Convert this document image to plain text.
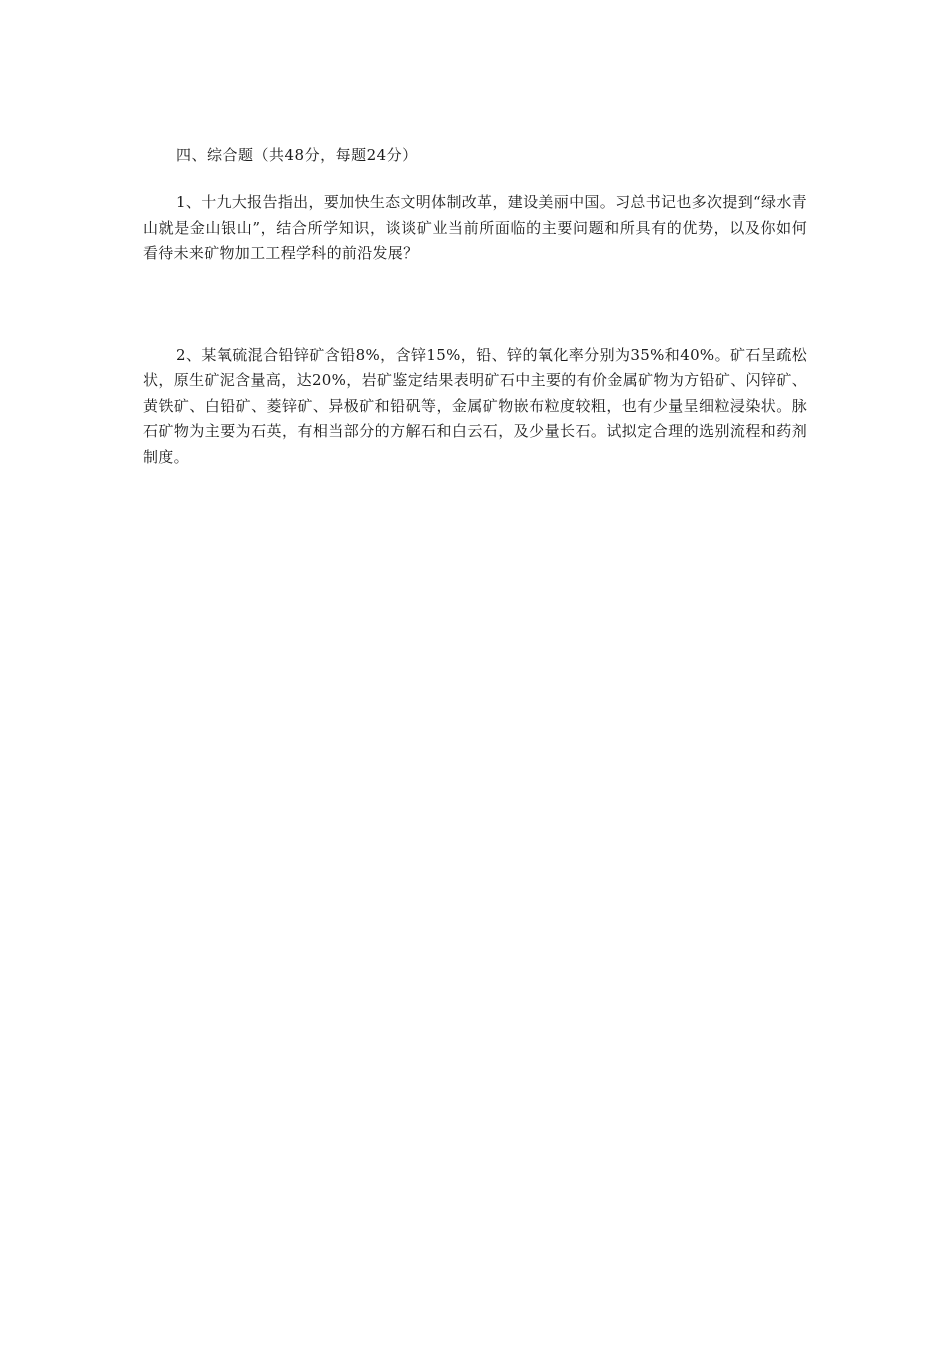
四、综合题（共48分，每题24分）

1、十九大报告指出，要加快生态文明体制改革，建设美丽中国。习总书记也多次提到“绿水青山就是金山银山”，结合所学知识，谈谈矿业当前所面临的主要问题和所具有的优势，以及你如何看待未来矿物加工工程学科的前沿发展？

2、某氧硫混合铅锌矿含铅8%，含锌15%，铅、锌的氧化率分别为35%和40%。矿石呈疏松状，原生矿泥含量高，达20%，岩矿鉴定结果表明矿石中主要的有价金属矿物为方铅矿、闪锌矿、黄铁矿、白铅矿、菱锌矿、异极矿和铅矾等，金属矿物嵌布粒度较粗，也有少量呈细粒浸染状。脉石矿物为主要为石英，有相当部分的方解石和白云石，及少量长石。试拟定合理的选别流程和药剂制度。
